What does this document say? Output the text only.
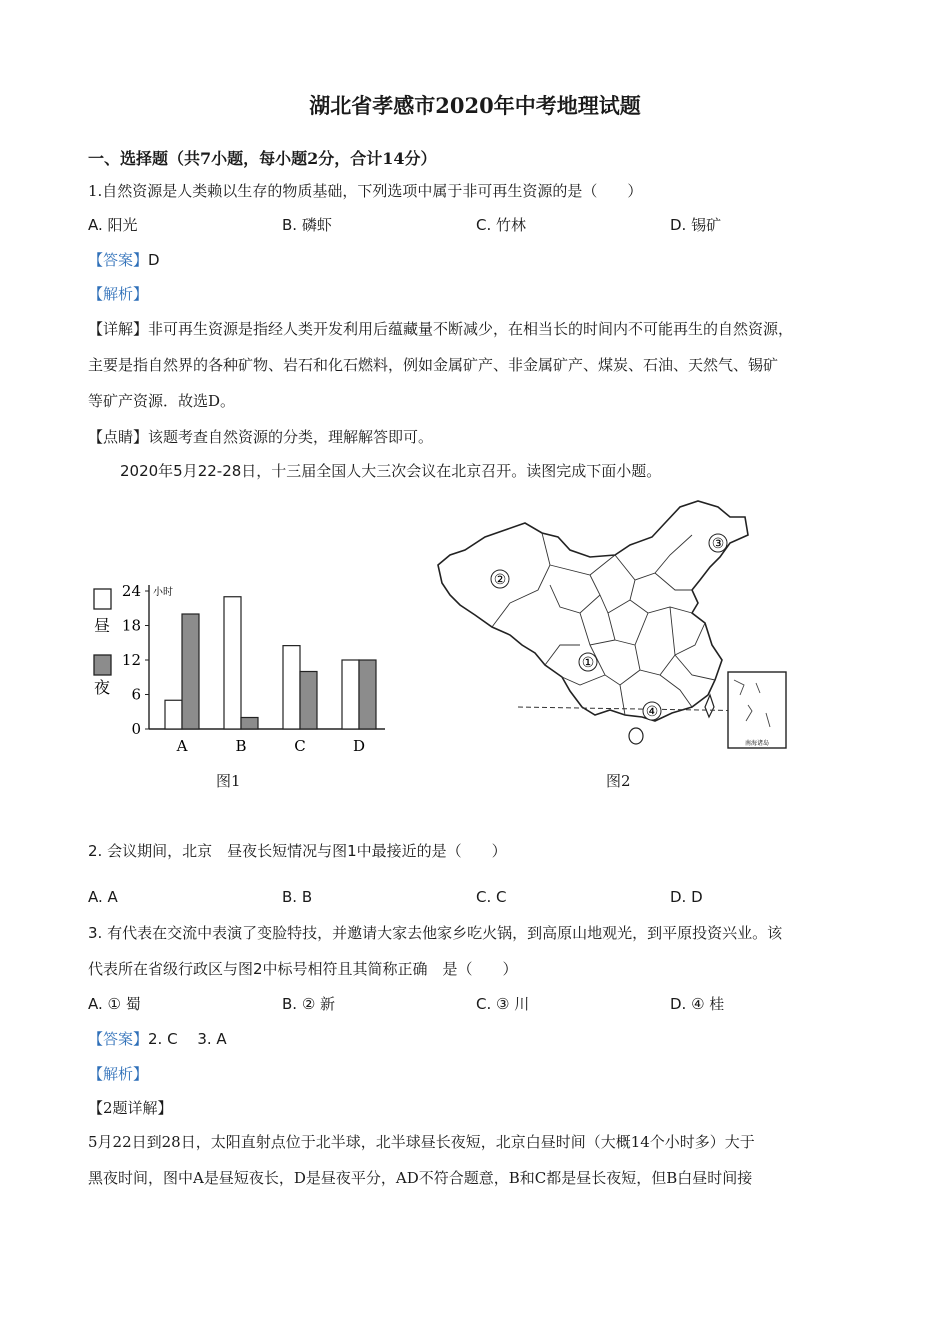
湖北省孝感市2020年中考地理试题
一、选择题（共7小题，每小题2分，合计14分）
1.自然资源是人类赖以生存的物质基础，下列选项中属于非可再生资源的是（　　）
A. 阳光	B. 磷虾	C. 竹林	D. 锡矿
【答案】D
【解析】
【详解】非可再生资源是指经人类开发利用后蕴藏量不断减少，在相当长的时间内不可能再生的自然资源，
主要是指自然界的各种矿物、岩石和化石燃料，例如金属矿产、非金属矿产、煤炭、石油、天然气、锡矿
等矿产资源．故选D。
【点睛】该题考查自然资源的分类，理解解答即可。
2020年5月22-28日，十三届全国人大三次会议在北京召开。读图完成下面小题。
昼
夜
小时
0
6
12
18
24
A	B	C	D
图1
②
③
①
④
南海诸岛
图2
2. 会议期间，北京　昼夜长短情况与图1中最接近的是（　　）
A. A	B. B	C. C	D. D
3. 有代表在交流中表演了变脸特技，并邀请大家去他家乡吃火锅，到高原山地观光，到平原投资兴业。该
代表所在省级行政区与图2中标号相符且其简称正确　是（　　）
A. ① 蜀	B. ② 新	C. ③ 川	D. ④ 桂
【答案】2. C　 3. A
【解析】
【2题详解】
5月22日到28日，太阳直射点位于北半球，北半球昼长夜短，北京白昼时间（大概14个小时多）大于
黑夜时间，图中A是昼短夜长，D是昼夜平分，AD不符合题意，B和C都是昼长夜短，但B白昼时间接
